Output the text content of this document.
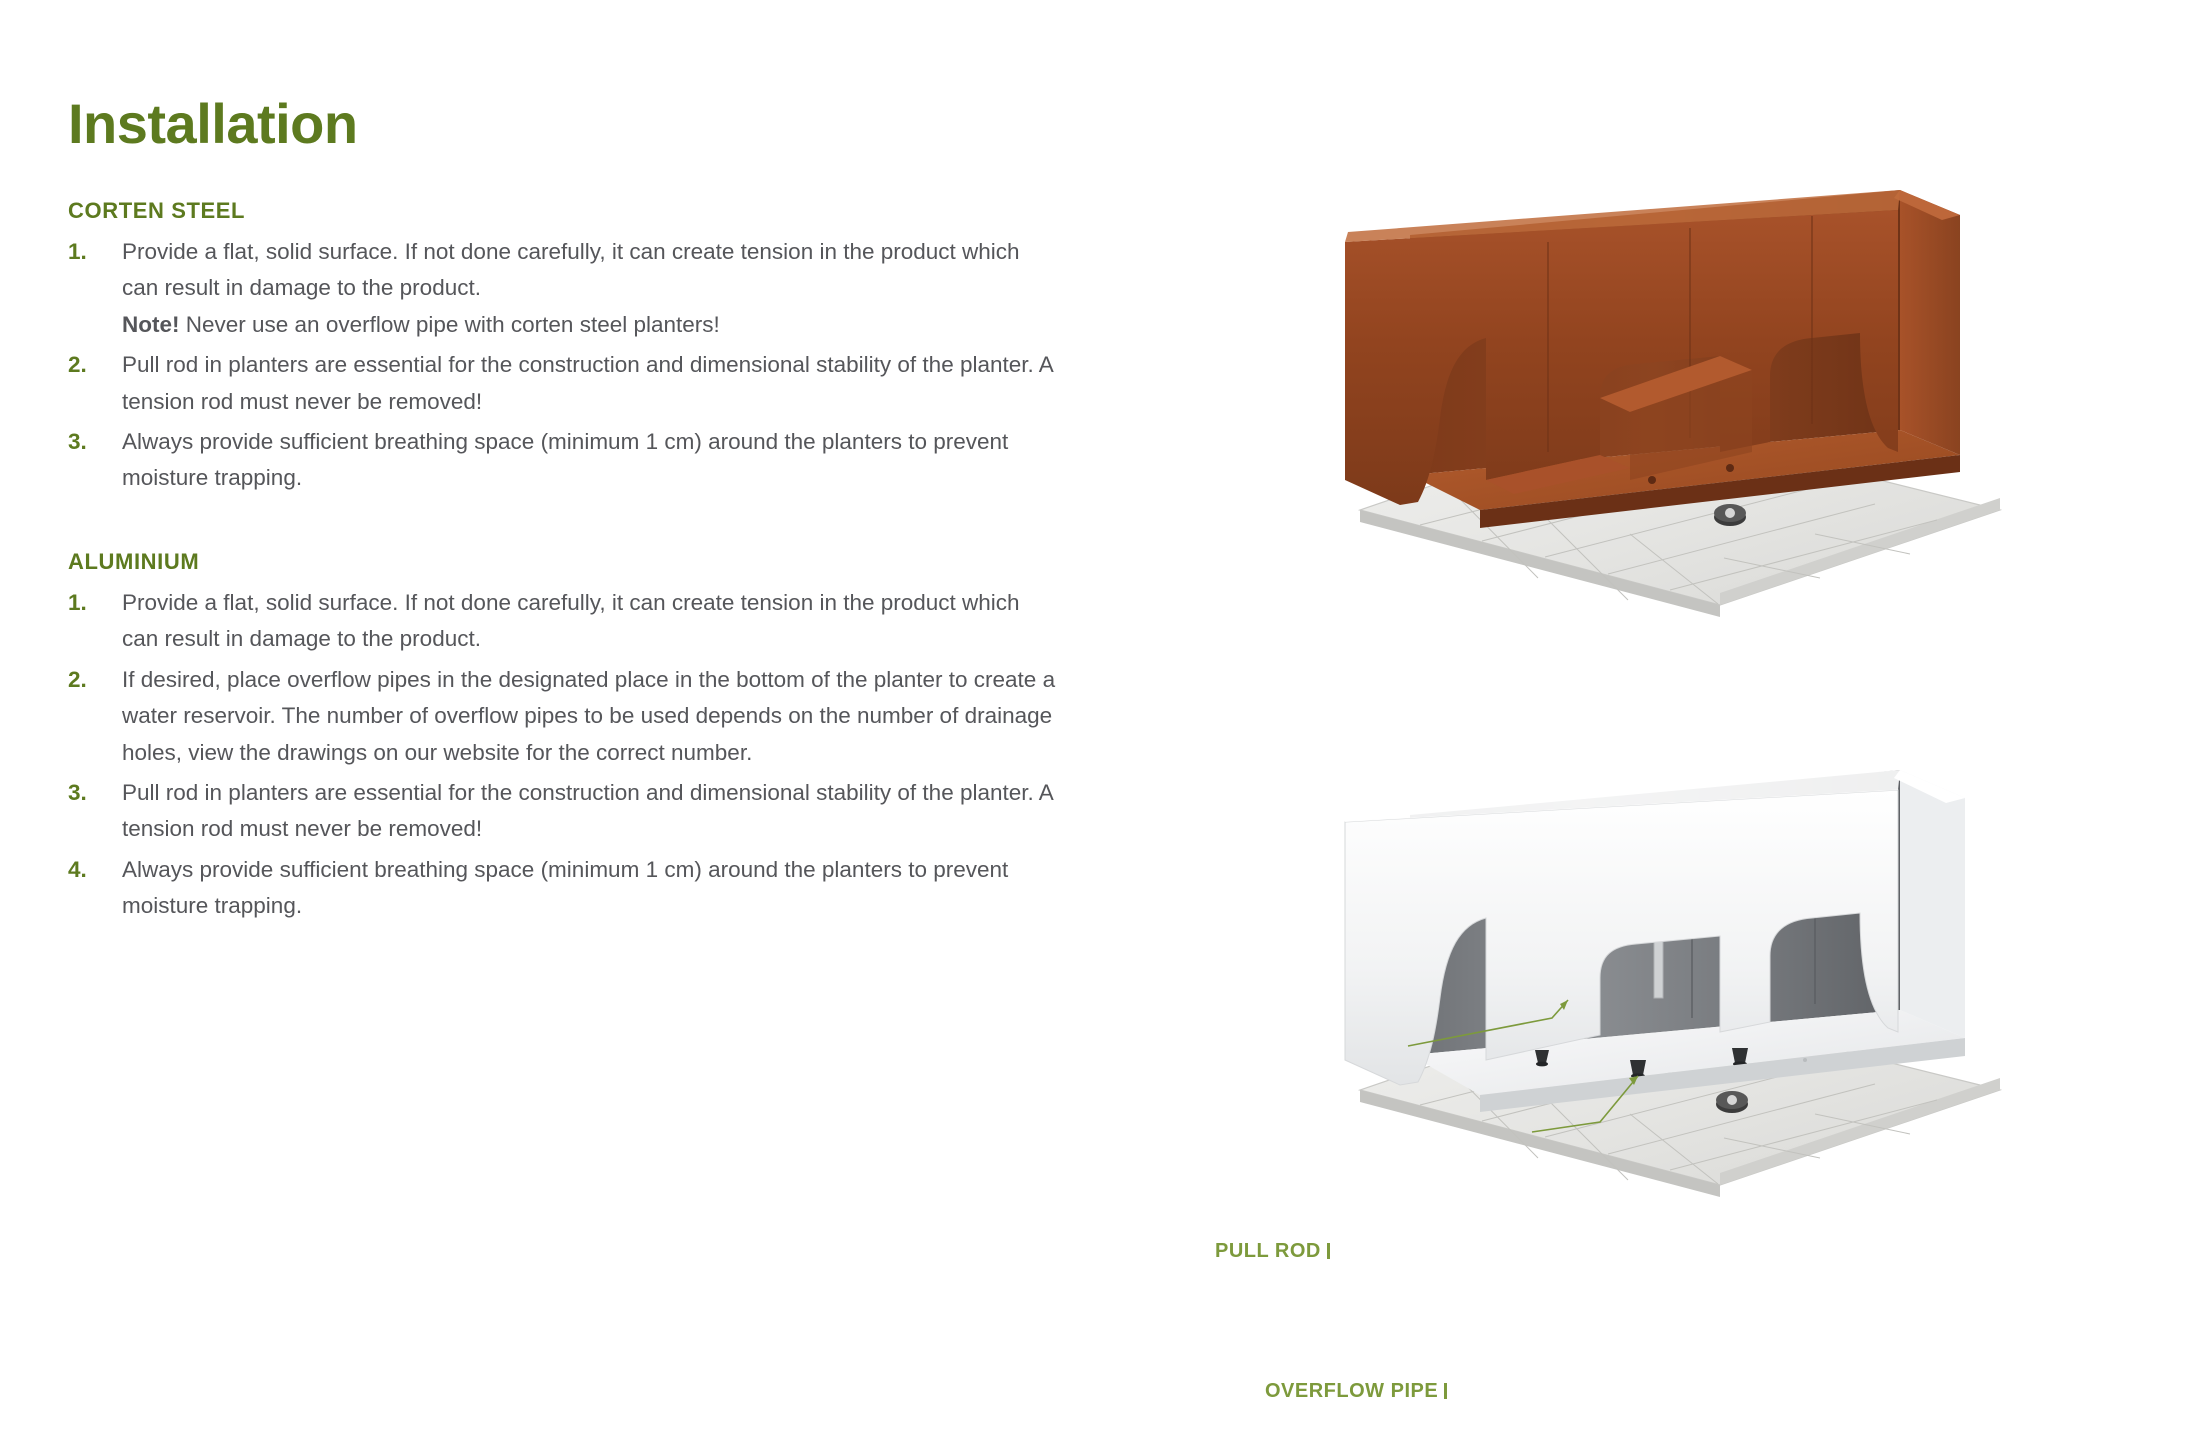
Installation
CORTEN STEEL
1.	Provide a flat, solid surface. If not done carefully, it can create tension in the product which can result in damage to the product.
Note! Never use an overflow pipe with corten steel planters!
2.	Pull rod in planters are essential for the construction and dimensional stability of the planter. A tension rod must never be removed!
3.	Always provide sufficient breathing space (minimum 1 cm) around the planters to prevent moisture trapping.
ALUMINIUM
1.	Provide a flat, solid surface. If not done carefully, it can create tension in the product which can result in damage to the product.
2.	If desired, place overflow pipes in the designated place in the bottom of the planter to create a water reservoir. The number of overflow pipes to be used depends on the number of drainage holes, view the drawings on our website for the correct number.
3.	Pull rod in planters are essential for the construction and dimensional stability of the planter. A tension rod must never be removed!
4.	Always provide sufficient breathing space (minimum 1 cm) around the planters to prevent moisture trapping.
PULL ROD
OVERFLOW PIPE
